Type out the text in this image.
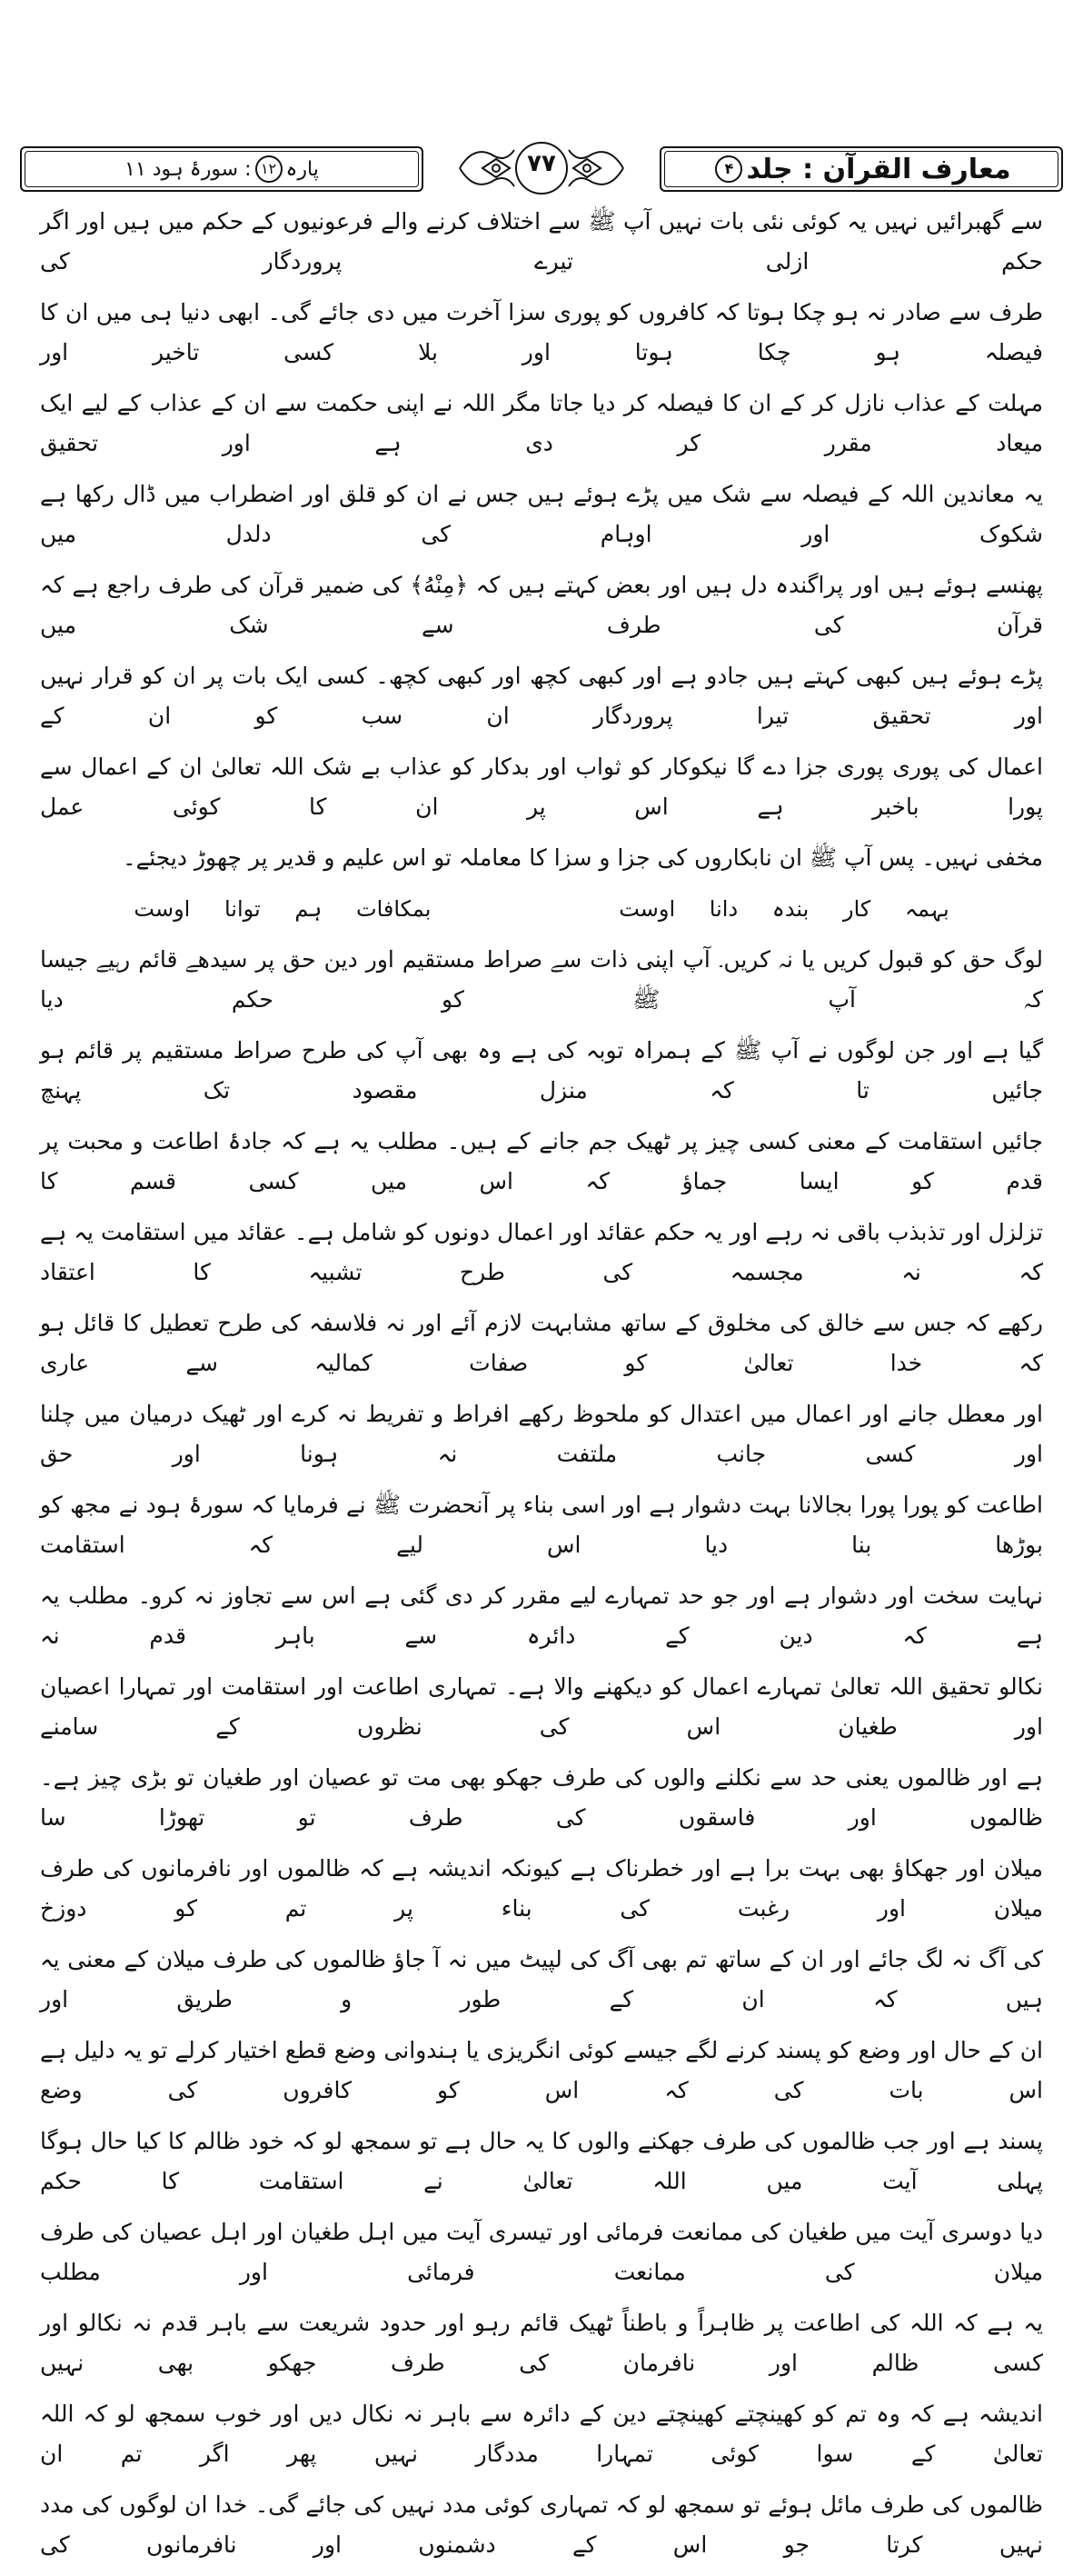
معارف القرآن : جلد
۴
٧٧
پارہ
١٢
: سورۂ ہود ١١
سے گھبرائیں نہیں یہ کوئی نئی بات نہیں آپ ﷺ سے اختلاف کرنے والے فرعونیوں کے حکم میں ہیں اور اگر حکم ازلی تیرے پروردگار کی
طرف سے صادر نہ ہو چکا ہوتا کہ کافروں کو پوری سزا آخرت میں دی جائے گی۔ ابھی دنیا ہی میں ان کا فیصلہ ہو چکا ہوتا اور بلا کسی تاخیر اور
مہلت کے عذاب نازل کر کے ان کا فیصلہ کر دیا جاتا مگر اللہ نے اپنی حکمت سے ان کے عذاب کے لیے ایک میعاد مقرر کر دی ہے اور تحقیق
یہ معاندین اللہ کے فیصلہ سے شک میں پڑے ہوئے ہیں جس نے ان کو قلق اور اضطراب میں ڈال رکھا ہے شکوک اور اوہام کی دلدل میں
پھنسے ہوئے ہیں اور پراگندہ دل ہیں اور بعض کہتے ہیں کہ ﴿مِنْهُ﴾ کی ضمیر قرآن کی طرف راجع ہے کہ قرآن کی طرف سے شک میں
پڑے ہوئے ہیں کبھی کہتے ہیں جادو ہے اور کبھی کچھ اور کبھی کچھ۔ کسی ایک بات پر ان کو قرار نہیں اور تحقیق تیرا پروردگار ان سب کو ان کے
اعمال کی پوری پوری جزا دے گا نیکوکار کو ثواب اور بدکار کو عذاب بے شک اللہ تعالیٰ ان کے اعمال سے پورا باخبر ہے اس پر ان کا کوئی عمل
مخفی نہیں۔ پس آپ ﷺ ان نابکاروں کی جزا و سزا کا معاملہ تو اس علیم و قدیر پر چھوڑ دیجئے۔
بہمہ کار بندہ دانا اوست
بمکافات ہم توانا اوست
لوگ حق کو قبول کریں یا نہ کریں۔ آپ اپنی ذات سے صراط مستقیم اور دین حق پر سیدھے قائم رہیے جیسا کہ آپ ﷺ کو حکم دیا
گیا ہے اور جن لوگوں نے آپ ﷺ کے ہمراہ توبہ کی ہے وہ بھی آپ کی طرح صراط مستقیم پر قائم ہو جائیں تا کہ منزل مقصود تک پہنچ
جائیں استقامت کے معنی کسی چیز پر ٹھیک جم جانے کے ہیں۔ مطلب یہ ہے کہ جادۂ اطاعت و محبت پر قدم کو ایسا جماؤ کہ اس میں کسی قسم کا
تزلزل اور تذبذب باقی نہ رہے اور یہ حکم عقائد اور اعمال دونوں کو شامل ہے۔ عقائد میں استقامت یہ ہے کہ نہ مجسمہ کی طرح تشبیہ کا اعتقاد
رکھے کہ جس سے خالق کی مخلوق کے ساتھ مشابہت لازم آئے اور نہ فلاسفہ کی طرح تعطیل کا قائل ہو کہ خدا تعالیٰ کو صفات کمالیہ سے عاری
اور معطل جانے اور اعمال میں اعتدال کو ملحوظ رکھے افراط و تفریط نہ کرے اور ٹھیک درمیان میں چلنا اور کسی جانب ملتفت نہ ہونا اور حق
اطاعت کو پورا پورا بجالانا بہت دشوار ہے اور اسی بناء پر آنحضرت ﷺ نے فرمایا کہ سورۂ ہود نے مجھ کو بوڑھا بنا دیا اس لیے کہ استقامت
نہایت سخت اور دشوار ہے اور جو حد تمہارے لیے مقرر کر دی گئی ہے اس سے تجاوز نہ کرو۔ مطلب یہ ہے کہ دین کے دائرہ سے باہر قدم نہ
نکالو تحقیق اللہ تعالیٰ تمہارے اعمال کو دیکھنے والا ہے۔ تمہاری اطاعت اور استقامت اور تمہارا اعصیان اور طغیان اس کی نظروں کے سامنے
ہے اور ظالموں یعنی حد سے نکلنے والوں کی طرف جھکو بھی مت تو عصیان اور طغیان تو بڑی چیز ہے۔ ظالموں اور فاسقوں کی طرف تو تھوڑا سا
میلان اور جھکاؤ بھی بہت برا ہے اور خطرناک ہے کیونکہ اندیشہ ہے کہ ظالموں اور نافرمانوں کی طرف میلان اور رغبت کی بناء پر تم کو دوزخ
کی آگ نہ لگ جائے اور ان کے ساتھ تم بھی آگ کی لپیٹ میں نہ آ جاؤ ظالموں کی طرف میلان کے معنی یہ ہیں کہ ان کے طور و طریق اور
ان کے حال اور وضع کو پسند کرنے لگے جیسے کوئی انگریزی یا ہندوانی وضع قطع اختیار کرلے تو یہ دلیل ہے اس بات کی کہ اس کو کافروں کی وضع
پسند ہے اور جب ظالموں کی طرف جھکنے والوں کا یہ حال ہے تو سمجھ لو کہ خود ظالم کا کیا حال ہوگا پہلی آیت میں اللہ تعالیٰ نے استقامت کا حکم
دیا دوسری آیت میں طغیان کی ممانعت فرمائی اور تیسری آیت میں اہل طغیان اور اہل عصیان کی طرف میلان کی ممانعت فرمائی اور مطلب
یہ ہے کہ اللہ کی اطاعت پر ظاہراً و باطناً ٹھیک قائم رہو اور حدود شریعت سے باہر قدم نہ نکالو اور کسی ظالم اور نافرمان کی طرف جھکو بھی نہیں
اندیشہ ہے کہ وہ تم کو کھینچتے کھینچتے دین کے دائرہ سے باہر نہ نکال دیں اور خوب سمجھ لو کہ اللہ تعالیٰ کے سوا کوئی تمہارا مددگار نہیں پھر اگر تم ان
ظالموں کی طرف مائل ہوئے تو سمجھ لو کہ تمہاری کوئی مدد نہیں کی جائے گی۔ خدا ان لوگوں کی مدد نہیں کرتا جو اس کے دشمنوں اور نافرمانوں کی
